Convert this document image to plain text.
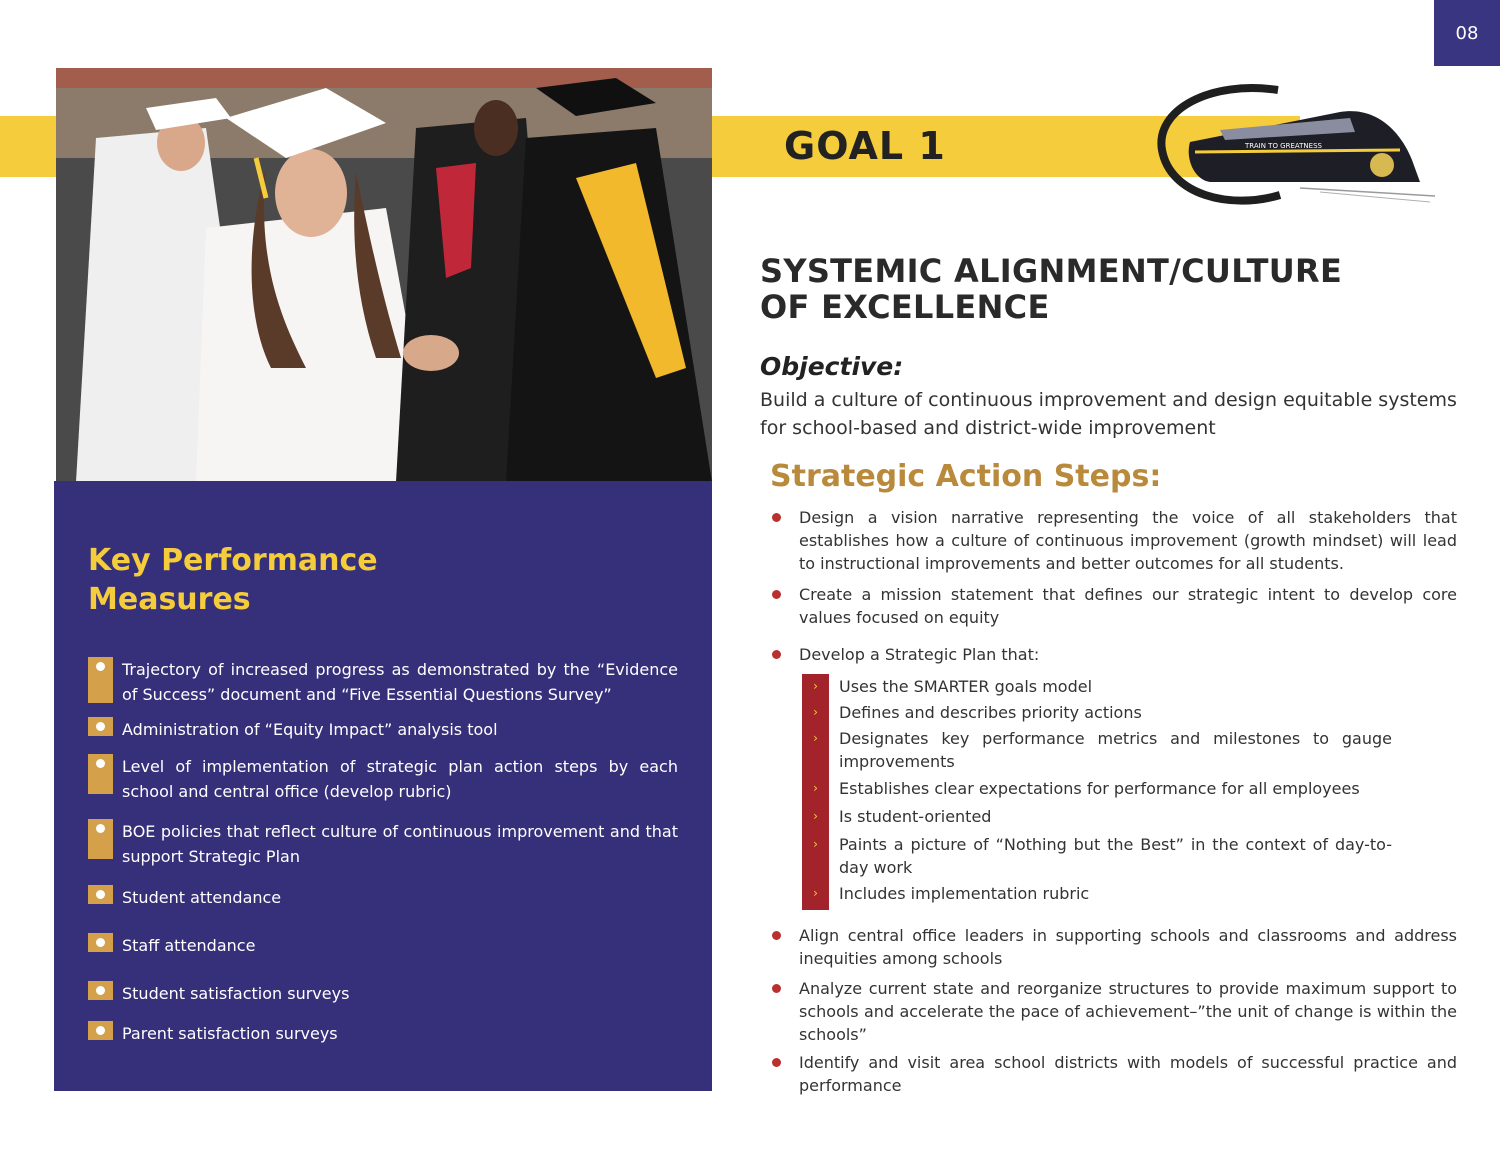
08
GOAL 1	TRAIN TO GREATNESS
Key Performance
Measures
Trajectory of increased progress as demonstrated by the “Evidence of Success” document and “Five Essential Questions Survey”
Administration of “Equity Impact” analysis tool
Level of implementation of strategic plan action steps by each school and central office (develop rubric)
BOE policies that reflect culture of continuous improvement and that support Strategic Plan
Student attendance
Staff attendance
Student satisfaction surveys
Parent satisfaction surveys
SYSTEMIC ALIGNMENT/CULTURE
OF EXCELLENCE
Objective:
Build a culture of continuous improvement and design equitable systems for school-based and district-wide improvement
Strategic Action Steps:
Design a vision narrative representing the voice of all stakeholders that establishes how a culture of continuous improvement (growth mindset) will lead to instructional improvements and better outcomes for all students.
Create a mission statement that defines our strategic intent to develop core values focused on equity
Develop a Strategic Plan that:
›	Uses the SMARTER goals model
›	Defines and describes priority actions
›	Designates key performance metrics and milestones to gauge improvements
›	Establishes clear expectations for performance for all employees
›	Is student-oriented
›	Paints a picture of “Nothing but the Best” in the context of day-to-day work
›	Includes implementation rubric
Align central office leaders in supporting schools and classrooms and address inequities among schools
Analyze current state and reorganize structures to provide maximum support to schools and accelerate the pace of achievement–”the unit of change is within the schools”
Identify and visit area school districts with models of successful practice and performance
